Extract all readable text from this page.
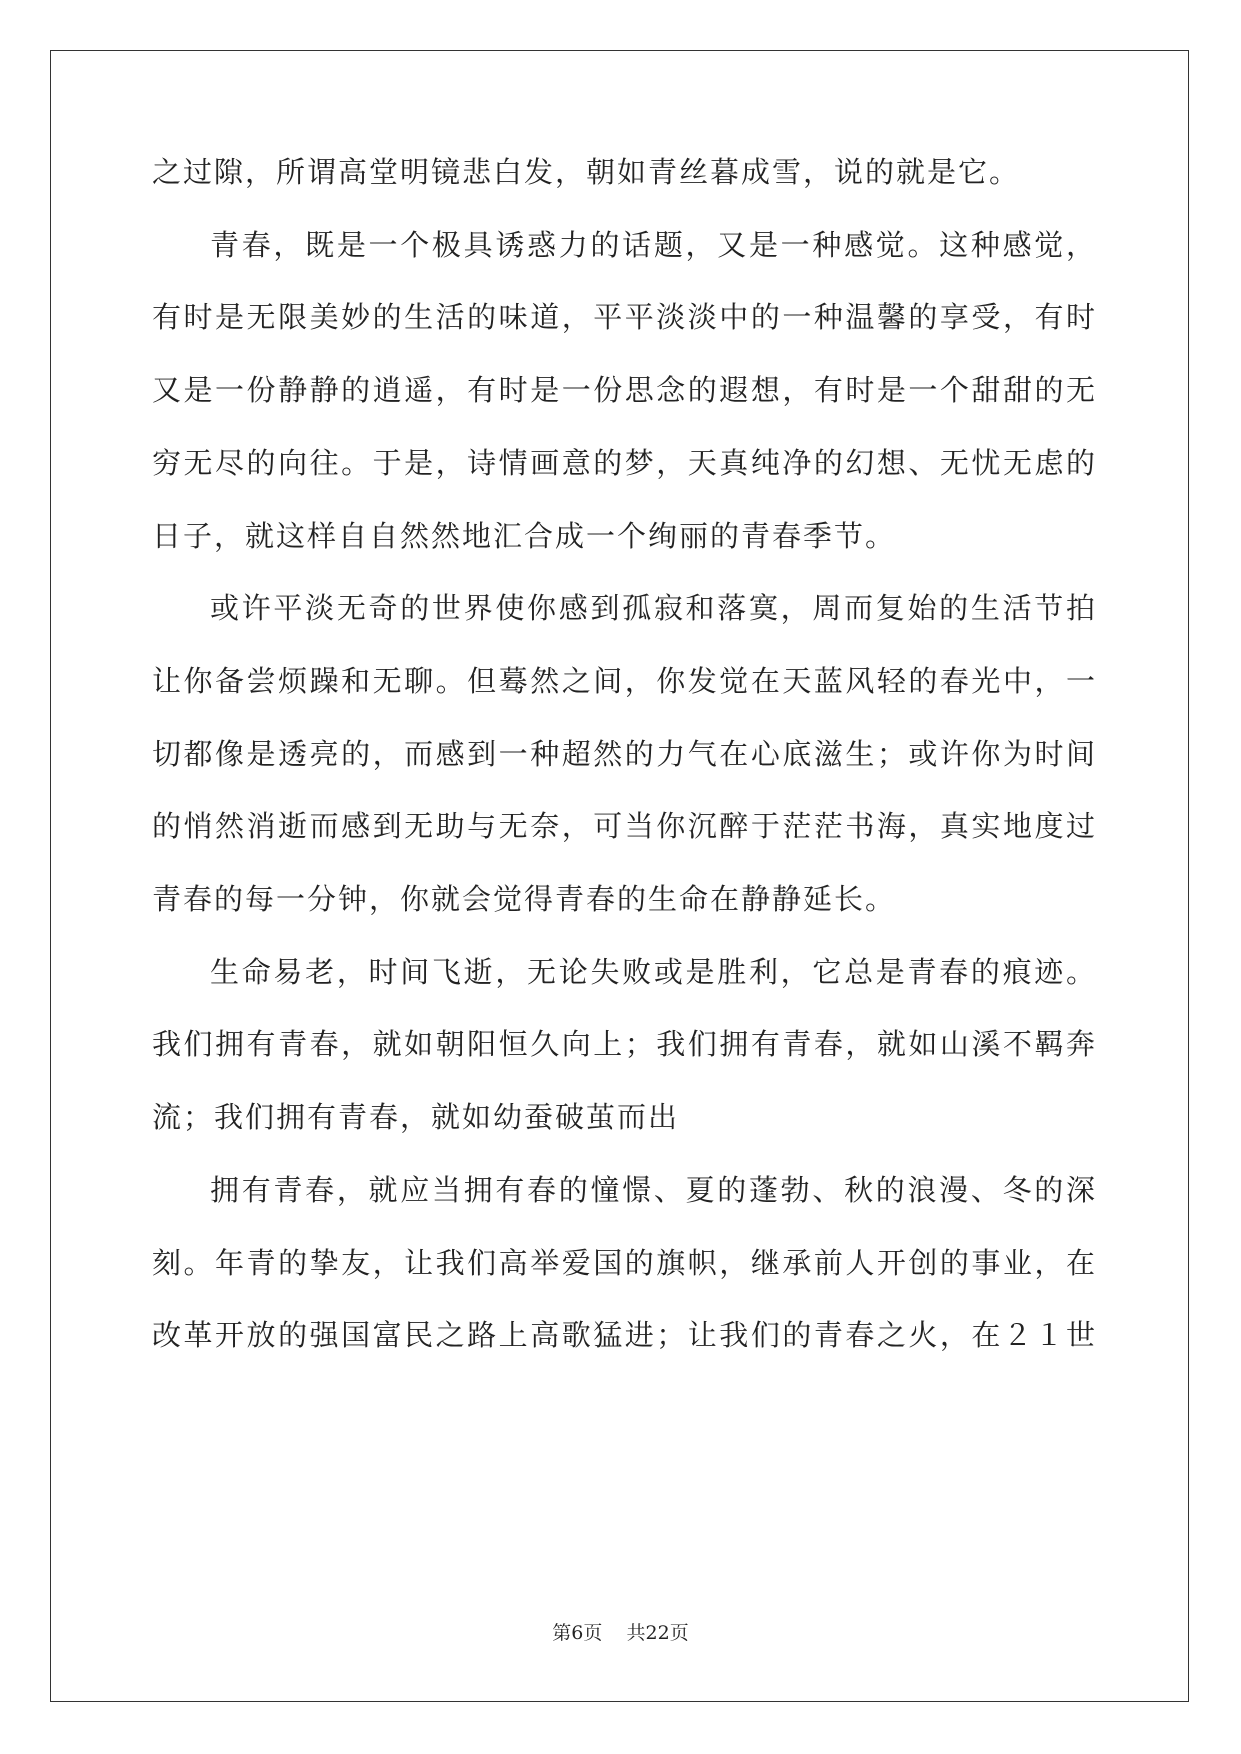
之过隙，所谓高堂明镜悲白发，朝如青丝暮成雪，说的就是它。
青春，既是一个极具诱惑力的话题，又是一种感觉。这种感觉，
有时是无限美妙的生活的味道，平平淡淡中的一种温馨的享受，有时
又是一份静静的逍遥，有时是一份思念的遐想，有时是一个甜甜的无
穷无尽的向往。于是，诗情画意的梦，天真纯净的幻想、无忧无虑的
日子，就这样自自然然地汇合成一个绚丽的青春季节。
或许平淡无奇的世界使你感到孤寂和落寞，周而复始的生活节拍
让你备尝烦躁和无聊。但蓦然之间，你发觉在天蓝风轻的春光中，一
切都像是透亮的，而感到一种超然的力气在心底滋生；或许你为时间
的悄然消逝而感到无助与无奈，可当你沉醉于茫茫书海，真实地度过
青春的每一分钟，你就会觉得青春的生命在静静延长。
生命易老，时间飞逝，无论失败或是胜利，它总是青春的痕迹。
我们拥有青春，就如朝阳恒久向上；我们拥有青春，就如山溪不羁奔
流；我们拥有青春，就如幼蚕破茧而出
拥有青春，就应当拥有春的憧憬、夏的蓬勃、秋的浪漫、冬的深
刻。年青的挚友，让我们高举爱国的旗帜，继承前人开创的事业，在
改革开放的强国富民之路上高歌猛进；让我们的青春之火，在２１世
第6页 共22页
